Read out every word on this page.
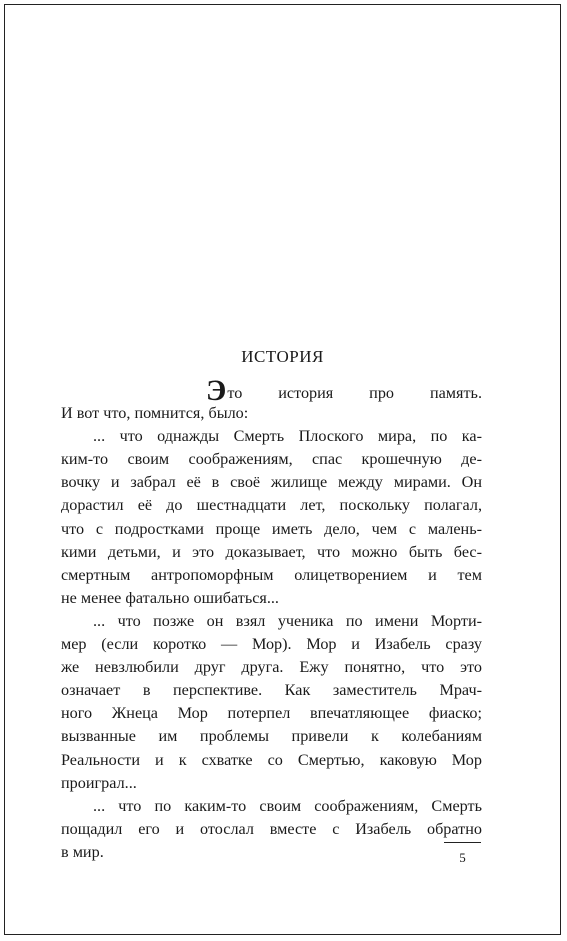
ИСТОРИЯ
Это история про память.
И вот что, помнится, было:
... что однажды Смерть Плоского мира, по ка-
ким-то своим соображениям, спас крошечную де-
вочку и забрал её в своё жилище между мирами. Он
дорастил её до шестнадцати лет, поскольку полагал,
что с подростками проще иметь дело, чем с малень-
кими детьми, и это доказывает, что можно быть бес-
смертным антропоморфным олицетворением и тем
не менее фатально ошибаться...
... что позже он взял ученика по имени Морти-
мер (если коротко — Мор). Мор и Изабель сразу
же невзлюбили друг друга. Ежу понятно, что это
означает в перспективе. Как заместитель Мрач-
ного Жнеца Мор потерпел впечатляющее фиаско;
вызванные им проблемы привели к колебаниям
Реальности и к схватке со Смертью, каковую Мор
проиграл...
... что по каким-то своим соображениям, Смерть
пощадил его и отослал вместе с Изабель обратно
в мир.	5
